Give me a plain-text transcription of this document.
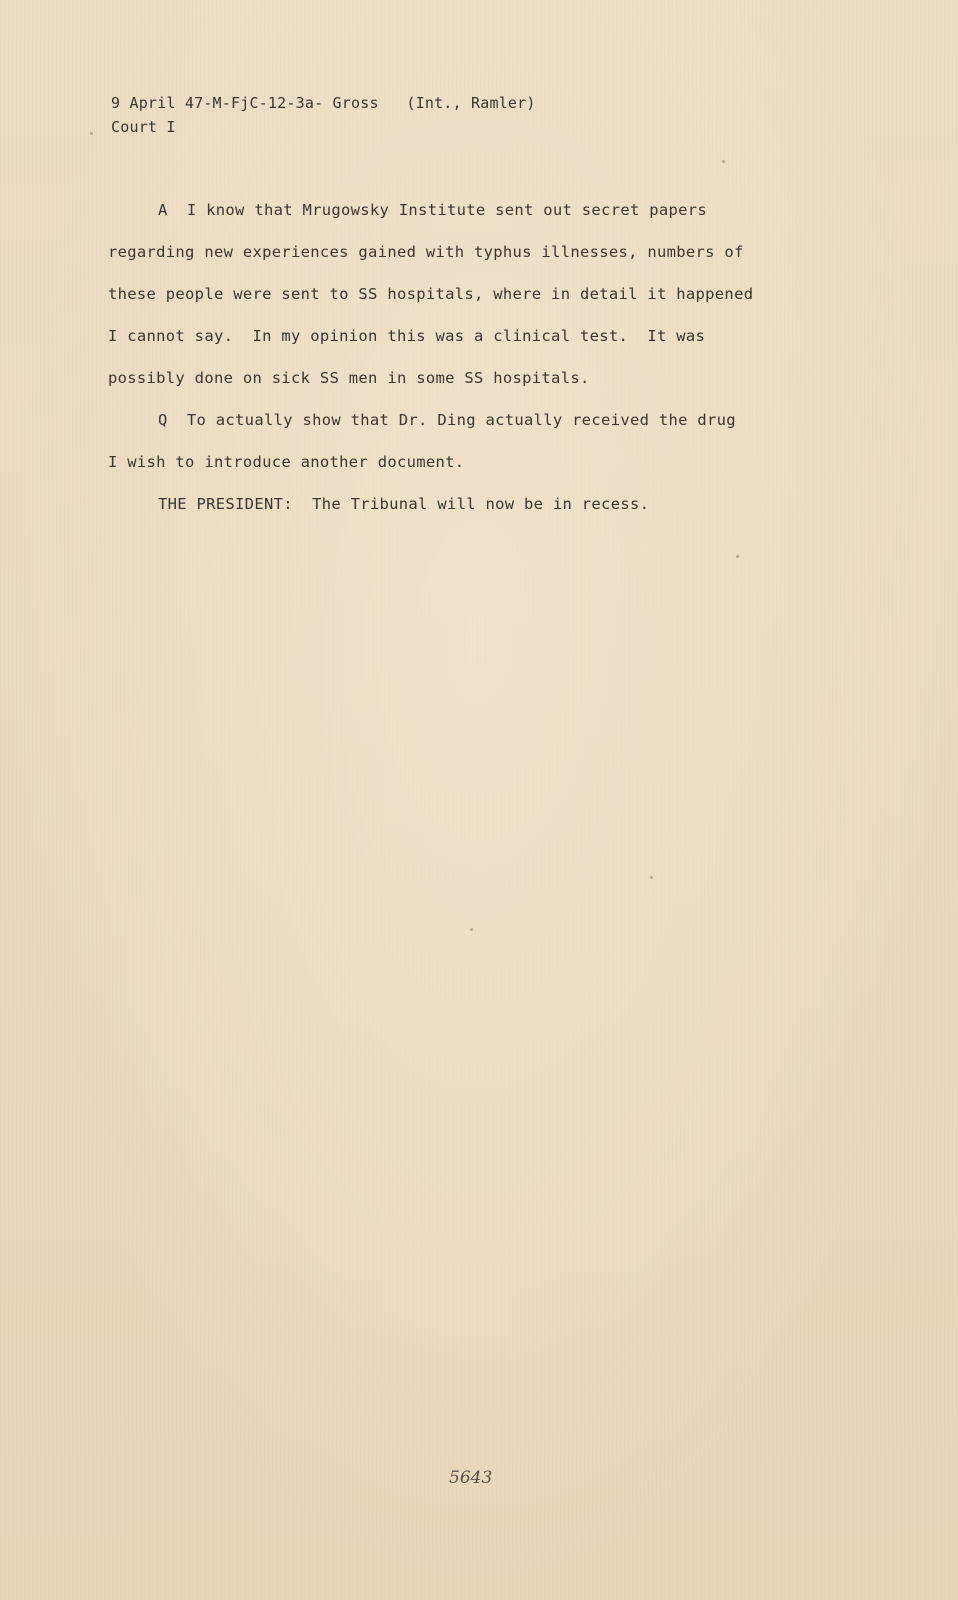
9 April 47-M-FjC-12-3a- Gross   (Int., Ramler)
Court I
A  I know that Mrugowsky Institute sent out secret papers
regarding new experiences gained with typhus illnesses, numbers of
these people were sent to SS hospitals, where in detail it happened
I cannot say.  In my opinion this was a clinical test.  It was
possibly done on sick SS men in some SS hospitals.
Q  To actually show that Dr. Ding actually received the drug
I wish to introduce another document.
THE PRESIDENT:  The Tribunal will now be in recess.
5643
